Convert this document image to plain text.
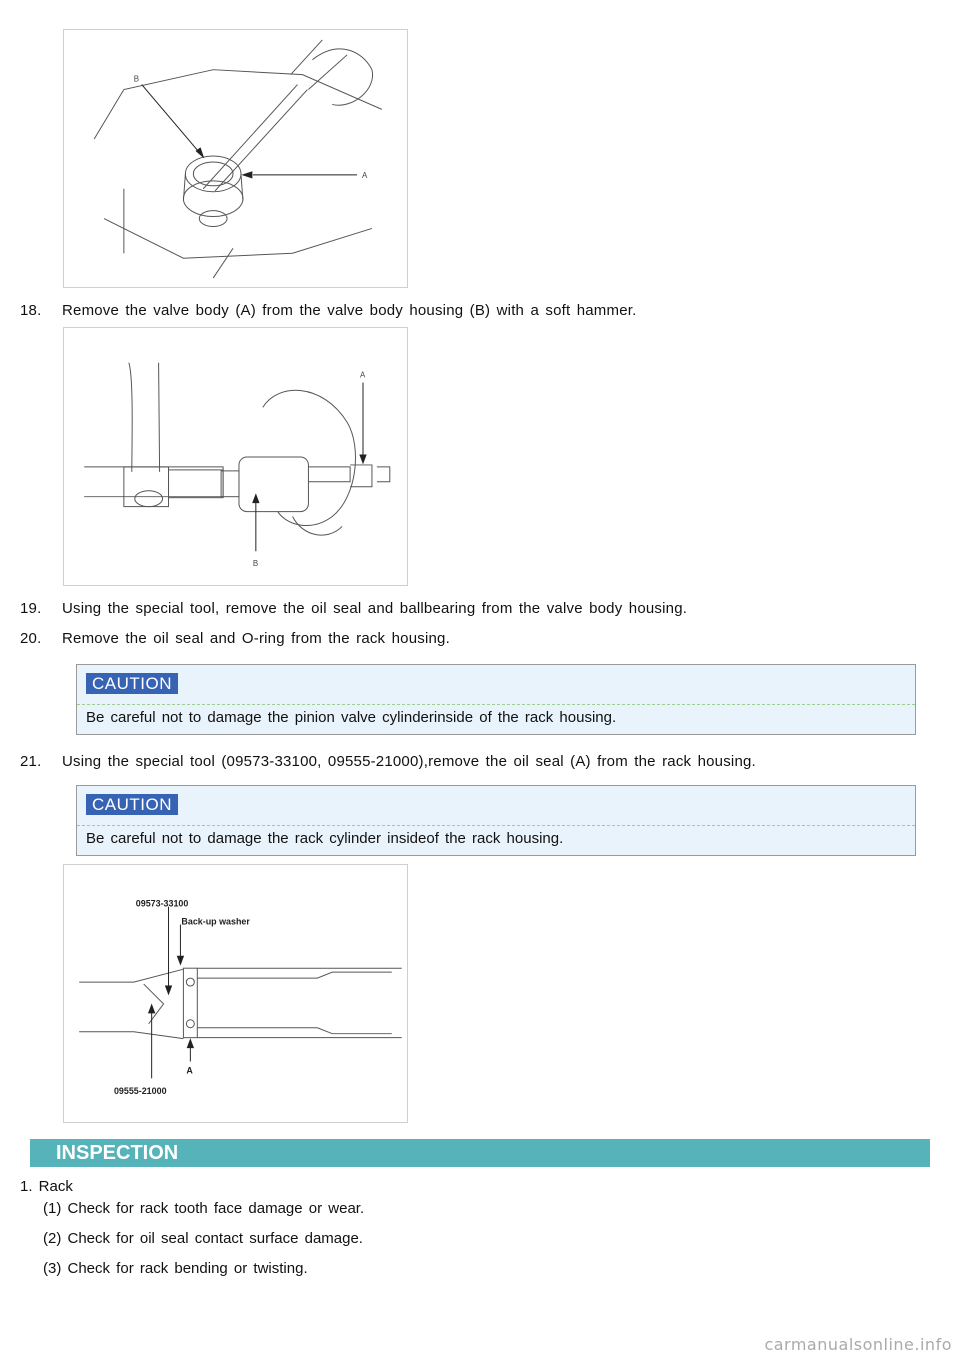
B
A
18. Remove the valve body (A) from the valve body housing (B) with a soft hammer.
A
B
19. Using the special tool, remove the oil seal and ballbearing from the valve body housing.
20. Remove the oil seal and O-ring from the rack housing.
CAUTION
Be careful not to damage the pinion valve cylinderinside of the rack housing.
21. Using the special tool (09573-33100, 09555-21000),remove the oil seal (A) from the rack housing.
CAUTION
Be careful not to damage the rack cylinder insideof the rack housing.
09573-33100
Back-up washer
A
09555-21000
INSPECTION
1. Rack
(1) Check for rack tooth face damage or wear.
(2) Check for oil seal contact surface damage.
(3) Check for rack bending or twisting.
carmanualsonline.info
